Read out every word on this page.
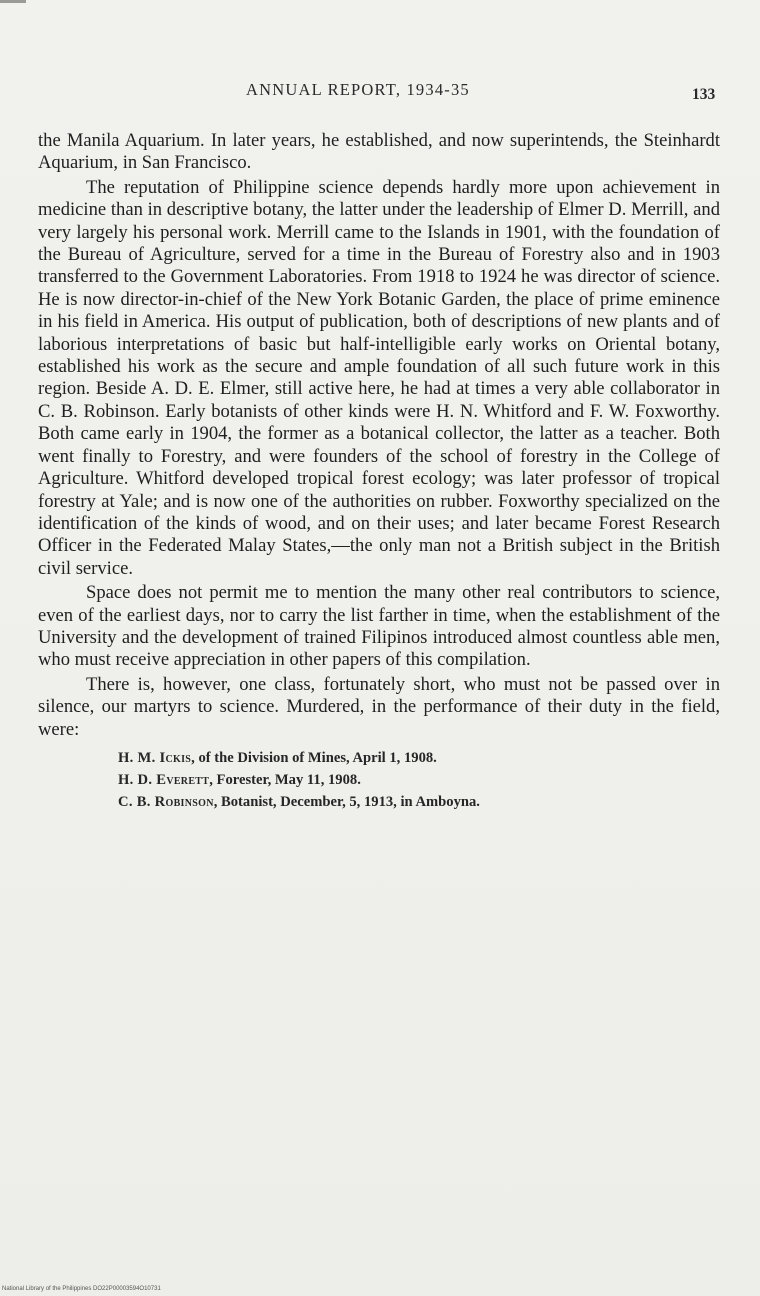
ANNUAL REPORT, 1934-35	133

the Manila Aquarium. In later years, he established, and now superintends, the Steinhardt Aquarium, in San Francisco.

The reputation of Philippine science depends hardly more upon achievement in medicine than in descriptive botany, the latter under the leadership of Elmer D. Merrill, and very largely his personal work. Merrill came to the Islands in 1901, with the foundation of the Bureau of Agriculture, served for a time in the Bureau of Forestry also and in 1903 transferred to the Government Laboratories. From 1918 to 1924 he was director of science. He is now director-in-chief of the New York Botanic Garden, the place of prime eminence in his field in America. His output of publication, both of descriptions of new plants and of laborious interpretations of basic but half-intelligible early works on Oriental botany, established his work as the secure and ample foundation of all such future work in this region. Beside A. D. E. Elmer, still active here, he had at times a very able collaborator in C. B. Robinson. Early botanists of other kinds were H. N. Whitford and F. W. Foxworthy. Both came early in 1904, the former as a botanical collector, the latter as a teacher. Both went finally to Forestry, and were founders of the school of forestry in the College of Agriculture. Whitford developed tropical forest ecology; was later professor of tropical forestry at Yale; and is now one of the authorities on rubber. Foxworthy specialized on the identification of the kinds of wood, and on their uses; and later became Forest Research Officer in the Federated Malay States,—the only man not a British subject in the British civil service.

Space does not permit me to mention the many other real contributors to science, even of the earliest days, nor to carry the list farther in time, when the establishment of the University and the development of trained Filipinos introduced almost countless able men, who must receive appreciation in other papers of this compilation.

There is, however, one class, fortunately short, who must not be passed over in silence, our martyrs to science. Murdered, in the performance of their duty in the field, were:

H. M. Ickis, of the Division of Mines, April 1, 1908.
H. D. Everett, Forester, May 11, 1908.
C. B. Robinson, Botanist, December, 5, 1913, in Amboyna.
National Library of the Philippines DO22P00003594O10731
